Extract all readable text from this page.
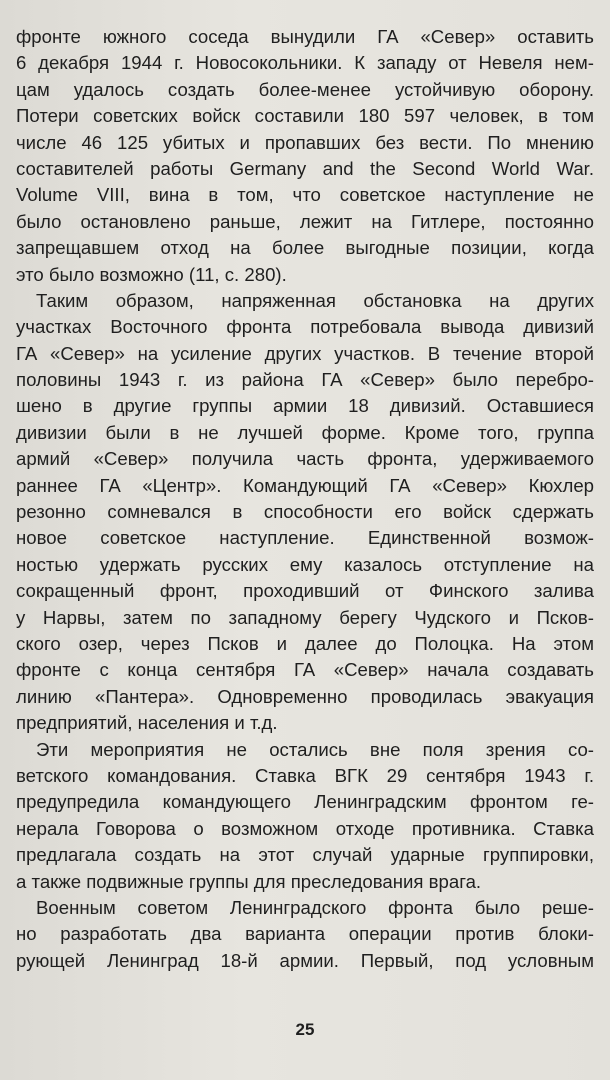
фронте южного соседа вынудили ГА «Север» оставить
6 декабря 1944 г. Новосокольники. К западу от Невеля нем-
цам удалось создать более-менее устойчивую оборону.
Потери советских войск составили 180 597 человек, в том
числе 46 125 убитых и пропавших без вести. По мнению
составителей работы Germany and the Second World War.
Volume VIII, вина в том, что советское наступление не
было остановлено раньше, лежит на Гитлере, постоянно
запрещавшем отход на более выгодные позиции, когда
это было возможно (11, с. 280).
Таким образом, напряженная обстановка на других
участках Восточного фронта потребовала вывода дивизий
ГА «Север» на усиление других участков. В течение второй
половины 1943 г. из района ГА «Север» было перебро-
шено в другие группы армии 18 дивизий. Оставшиеся
дивизии были в не лучшей форме. Кроме того, группа
армий «Север» получила часть фронта, удерживаемого
раннее ГА «Центр». Командующий ГА «Север» Кюхлер
резонно сомневался в способности его войск сдержать
новое советское наступление. Единственной возмож-
ностью удержать русских ему казалось отступление на
сокращенный фронт, проходивший от Финского залива
у Нарвы, затем по западному берегу Чудского и Псков-
ского озер, через Псков и далее до Полоцка. На этом
фронте с конца сентября ГА «Север» начала создавать
линию «Пантера». Одновременно проводилась эвакуация
предприятий, населения и т.д.
Эти мероприятия не остались вне поля зрения со-
ветского командования. Ставка ВГК 29 сентября 1943 г.
предупредила командующего Ленинградским фронтом ге-
нерала Говорова о возможном отходе противника. Ставка
предлагала создать на этот случай ударные группировки,
а также подвижные группы для преследования врага.
Военным советом Ленинградского фронта было реше-
но разработать два варианта операции против блоки-
рующей Ленинград 18-й армии. Первый, под условным
25
